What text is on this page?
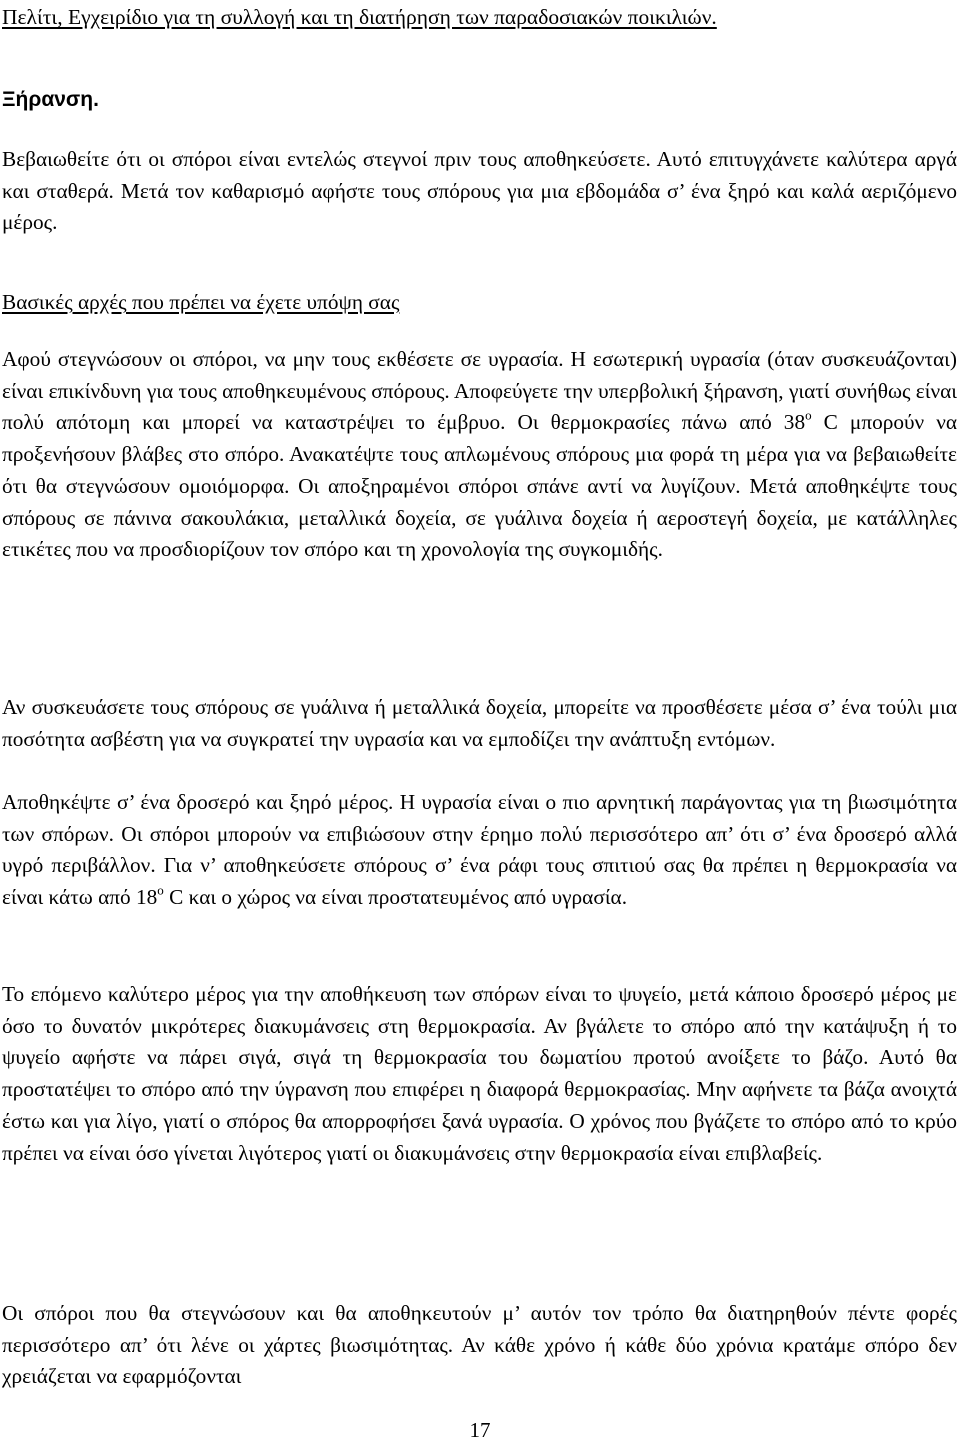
Πελίτι, Εγχειρίδιο για τη συλλογή και τη διατήρηση των παραδοσιακών ποικιλιών.
Ξήρανση.

Βεβαιωθείτε ότι οι σπόροι είναι εντελώς στεγνοί πριν τους αποθηκεύσετε. Αυτό επιτυγχάνετε καλύτερα αργά και σταθερά. Μετά τον καθαρισμό αφήστε τους σπόρους για μια εβδομάδα σ’ ένα ξηρό και καλά αεριζόμενο μέρος.

Βασικές αρχές που πρέπει να έχετε υπόψη σας

Αφού στεγνώσουν οι σπόροι, να μην τους εκθέσετε σε υγρασία. Η εσωτερική υγρασία (όταν συσκευάζονται) είναι επικίνδυνη για τους αποθηκευμένους σπόρους. Αποφεύγετε την υπερβολική ξήρανση, γιατί συνήθως είναι πολύ απότομη και μπορεί να καταστρέψει το έμβρυο. Οι θερμοκρασίες πάνω από $38^o$ C μπορούν να προξενήσουν βλάβες στο σπόρο. Ανακατέψτε τους απλωμένους σπόρους μια φορά τη μέρα για να βεβαιωθείτε ότι θα στεγνώσουν ομοιόμορφα. Οι αποξηραμένοι σπόροι σπάνε αντί να λυγίζουν. Μετά αποθηκέψτε τους σπόρους σε πάνινα σακουλάκια, μεταλλικά δοχεία, σε γυάλινα δοχεία ή αεροστεγή δοχεία, με κατάλληλες ετικέτες που να προσδιορίζουν τον σπόρο και τη χρονολογία της συγκομιδής.

Αν συσκευάσετε τους σπόρους σε γυάλινα ή μεταλλικά δοχεία, μπορείτε να προσθέσετε μέσα σ’ ένα τούλι μια ποσότητα ασβέστη για να συγκρατεί την υγρασία και να εμποδίζει την ανάπτυξη εντόμων.

Αποθηκέψτε σ’ ένα δροσερό και ξηρό μέρος. Η υγρασία είναι ο πιο αρνητική παράγοντας για τη βιωσιμότητα των σπόρων. Οι σπόροι μπορούν να επιβιώσουν στην έρημο πολύ περισσότερο απ’ ότι σ’ ένα δροσερό αλλά υγρό περιβάλλον. Για ν’ αποθηκεύσετε σπόρους σ’ ένα ράφι τους σπιτιού σας θα πρέπει η θερμοκρασία να είναι κάτω από $18^o$ C και ο χώρος να είναι προστατευμένος από υγρασία.

Το επόμενο καλύτερο μέρος για την αποθήκευση των σπόρων είναι το ψυγείο, μετά κάποιο δροσερό μέρος με όσο το δυνατόν μικρότερες διακυμάνσεις στη θερμοκρασία. Αν βγάλετε το σπόρο από την κατάψυξη ή το ψυγείο αφήστε να πάρει σιγά, σιγά τη θερμοκρασία του δωματίου προτού ανοίξετε το βάζο. Αυτό θα προστατέψει το σπόρο από την ύγρανση που επιφέρει η διαφορά θερμοκρασίας. Μην αφήνετε τα βάζα ανοιχτά έστω και για λίγο, γιατί ο σπόρος θα απορροφήσει ξανά υγρασία. Ο χρόνος που βγάζετε το σπόρο από το κρύο πρέπει να είναι όσο γίνεται λιγότερος γιατί οι διακυμάνσεις στην θερμοκρασία είναι επιβλαβείς.

Οι σπόροι που θα στεγνώσουν και θα αποθηκευτούν μ’ αυτόν τον τρόπο θα διατηρηθούν πέντε φορές περισσότερο απ’ ότι λένε οι χάρτες βιωσιμότητας. Αν κάθε χρόνο ή κάθε δύο χρόνια κρατάμε σπόρο δεν χρειάζεται να εφαρμόζονται

17
